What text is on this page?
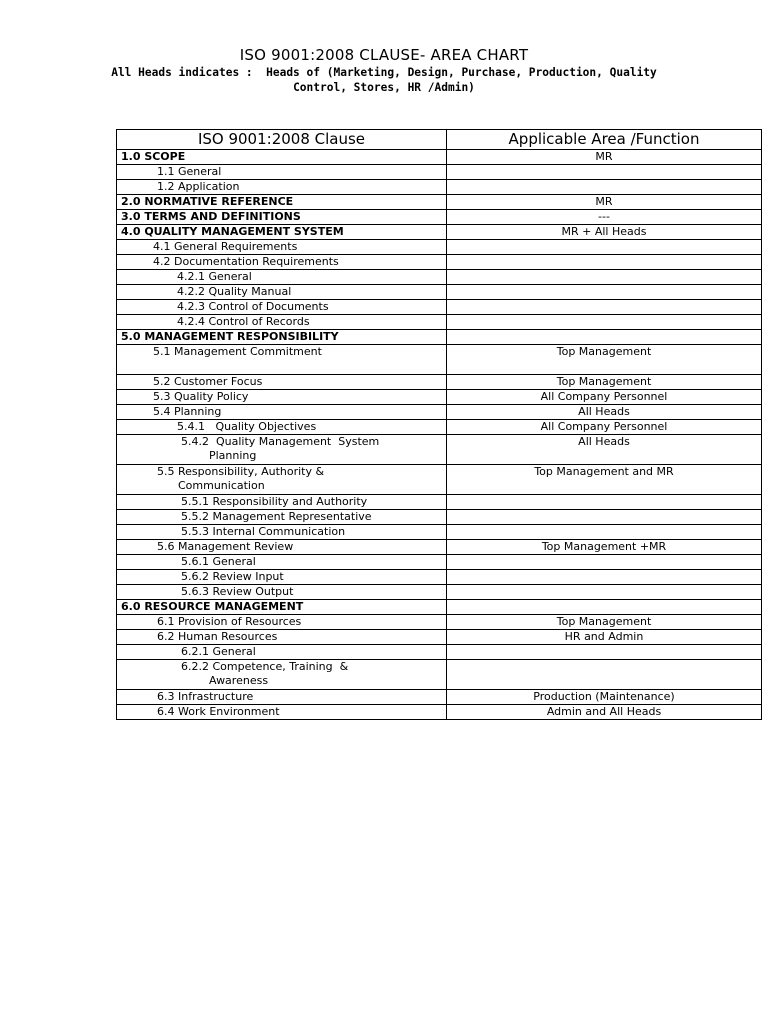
ISO 9001:2008 CLAUSE- AREA CHART
All Heads indicates :  Heads of (Marketing, Design, Purchase, Production, Quality
Control, Stores, HR /Admin)
ISO 9001:2008 Clause	Applicable Area /Function
1.0 SCOPE	MR
1.1 General	
1.2 Application	
2.0 NORMATIVE REFERENCE	MR
3.0 TERMS AND DEFINITIONS	---
4.0 QUALITY MANAGEMENT SYSTEM	MR + All Heads
4.1 General Requirements	
4.2 Documentation Requirements	
4.2.1 General	
4.2.2 Quality Manual	
4.2.3 Control of Documents	
4.2.4 Control of Records	
5.0 MANAGEMENT RESPONSIBILITY	
5.1 Management Commitment	Top Management
5.2 Customer Focus	Top Management
5.3 Quality Policy	All Company Personnel
5.4 Planning	All Heads
5.4.1   Quality Objectives	All Company Personnel
5.4.2  Quality Management  System
Planning	All Heads
5.5 Responsibility, Authority &
Communication	Top Management and MR
5.5.1 Responsibility and Authority	
5.5.2 Management Representative	
5.5.3 Internal Communication	
5.6 Management Review	Top Management +MR
5.6.1 General	
5.6.2 Review Input	
5.6.3 Review Output	
6.0 RESOURCE MANAGEMENT	
6.1 Provision of Resources	Top Management
6.2 Human Resources	HR and Admin
6.2.1 General	
6.2.2 Competence, Training  &
Awareness	
6.3 Infrastructure	Production (Maintenance)
6.4 Work Environment	Admin and All Heads
